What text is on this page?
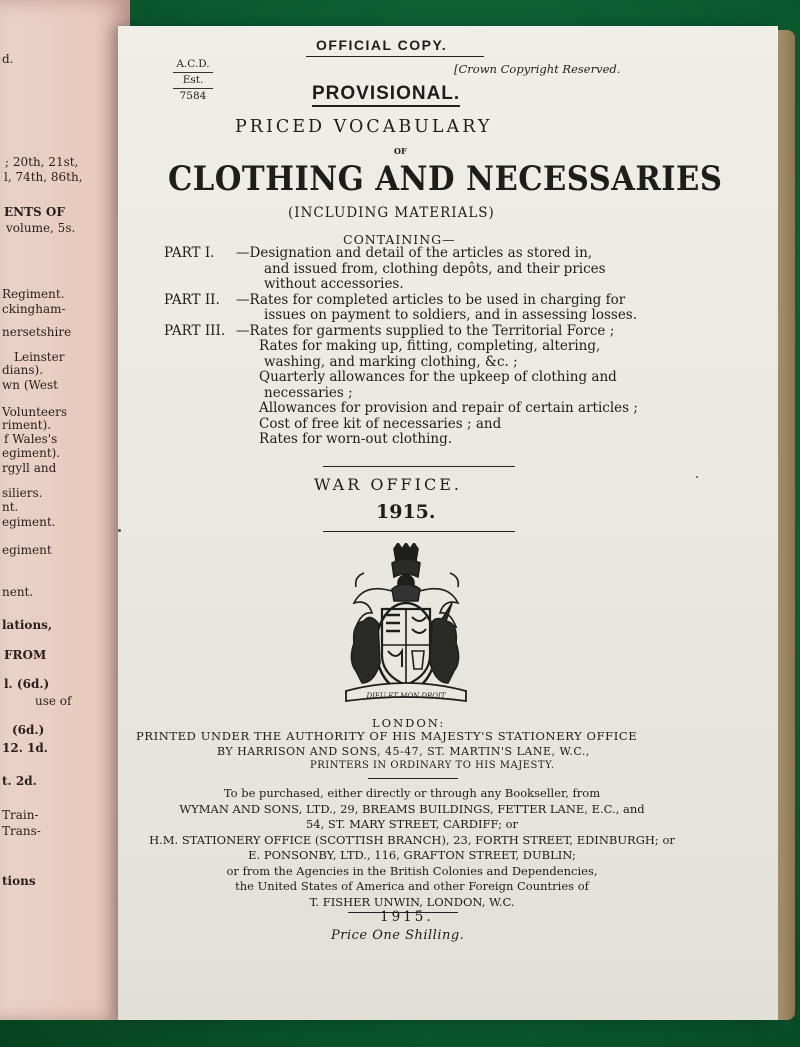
d.
; 20th, 21st,
l, 74th, 86th,
ENTS OF
volume, 5s.
Regiment.
ckingham-
nersetshire
Leinster
dians).
wn (West
Volunteers
riment).
f Wales's
egiment).
rgyll and
siliers.
nt.
egiment.
egiment
nent.
lations,
FROM
l. (6d.)
use of
(6d.)
12. 1d.
t. 2d.
Train-
Trans-
tions
OFFICIAL COPY.
A.C.D.
Est.
7584
[Crown Copyright Reserved.
PROVISIONAL.
PRICED VOCABULARY
OF
CLOTHING AND NECESSARIES
(INCLUDING MATERIALS)
CONTAINING—
PART I. —Designation and detail of the articles as stored in,
and issued from, clothing depôts, and their prices
without accessories.
PART II. —Rates for completed articles to be used in charging for
issues on payment to soldiers, and in assessing losses.
PART III. —Rates for garments supplied to the Territorial Force ;
Rates for making up, fitting, completing, altering,
washing, and marking clothing, &c. ;
Quarterly allowances for the upkeep of clothing and
necessaries ;
Allowances for provision and repair of certain articles ;
Cost of free kit of necessaries ; and
Rates for worn-out clothing.
WAR OFFICE.
1915.
DIEU ET MON DROIT
LONDON:
PRINTED UNDER THE AUTHORITY OF HIS MAJESTY'S STATIONERY OFFICE
BY HARRISON AND SONS, 45-47, ST. MARTIN'S LANE, W.C.,
PRINTERS IN ORDINARY TO HIS MAJESTY.
To be purchased, either directly or through any Bookseller, from
WYMAN AND SONS, LTD., 29, BREAMS BUILDINGS, FETTER LANE, E.C., and
54, ST. MARY STREET, CARDIFF; or
H.M. STATIONERY OFFICE (SCOTTISH BRANCH), 23, FORTH STREET, EDINBURGH; or
E. PONSONBY, LTD., 116, GRAFTON STREET, DUBLIN;
or from the Agencies in the British Colonies and Dependencies,
the United States of America and other Foreign Countries of
T. FISHER UNWIN, LONDON, W.C.
1915.
Price One Shilling.
